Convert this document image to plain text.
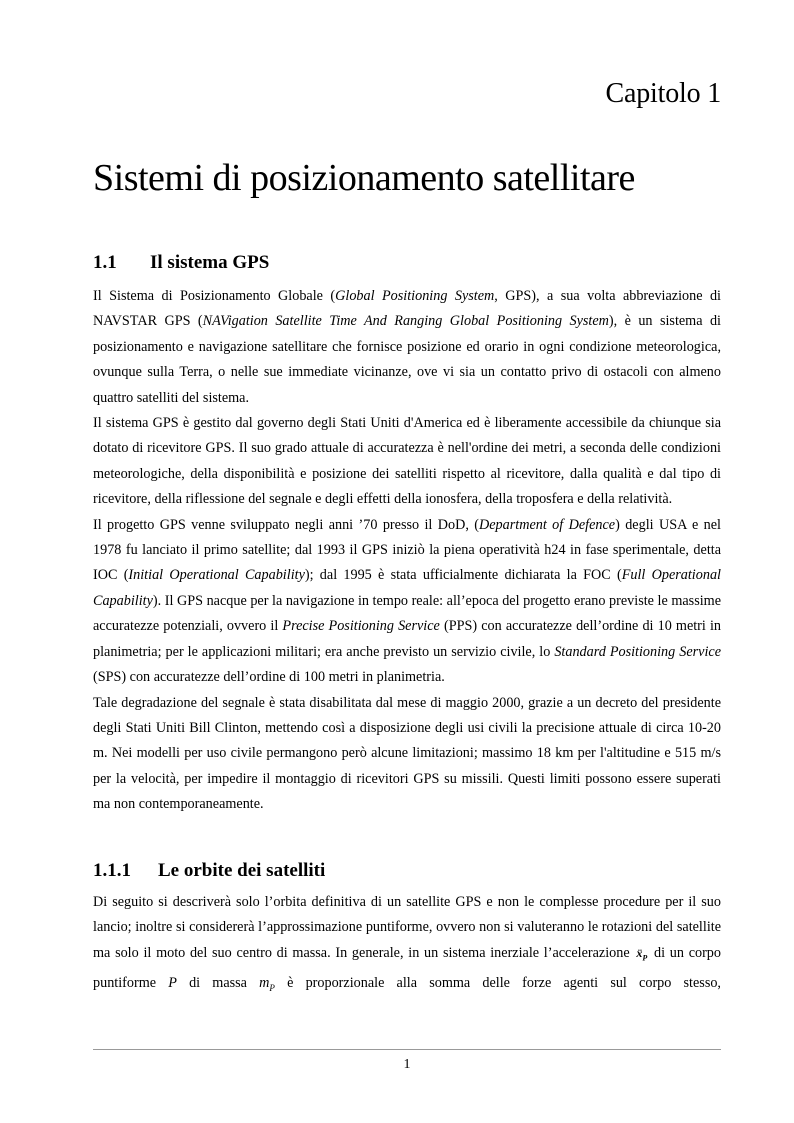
Capitolo 1
Sistemi di posizionamento satellitare
1.1 Il sistema GPS

Il Sistema di Posizionamento Globale (Global Positioning System, GPS), a sua volta abbreviazione di NAVSTAR GPS (NAVigation Satellite Time And Ranging Global Positioning System), è un sistema di posizionamento e navigazione satellitare che fornisce posizione ed orario in ogni condizione meteorologica, ovunque sulla Terra, o nelle sue immediate vicinanze, ove vi sia un contatto privo di ostacoli con almeno quattro satelliti del sistema.

Il sistema GPS è gestito dal governo degli Stati Uniti d'America ed è liberamente accessibile da chiunque sia dotato di ricevitore GPS. Il suo grado attuale di accuratezza è nell'ordine dei metri, a seconda delle condizioni meteorologiche, della disponibilità e posizione dei satelliti rispetto al ricevitore, dalla qualità e dal tipo di ricevitore, della riflessione del segnale e degli effetti della ionosfera, della troposfera e della relatività.

Il progetto GPS venne sviluppato negli anni ’70 presso il DoD, (Department of Defence) degli USA e nel 1978 fu lanciato il primo satellite; dal 1993 il GPS iniziò la piena operatività h24 in fase sperimentale, detta IOC (Initial Operational Capability); dal 1995 è stata ufficialmente dichiarata la FOC (Full Operational Capability). Il GPS nacque per la navigazione in tempo reale: all’epoca del progetto erano previste le massime accuratezze potenziali, ovvero il Precise Positioning Service (PPS) con accuratezze dell’ordine di 10 metri in planimetria; per le applicazioni militari; era anche previsto un servizio civile, lo Standard Positioning Service (SPS) con accuratezze dell’ordine di 100 metri in planimetria.

Tale degradazione del segnale è stata disabilitata dal mese di maggio 2000, grazie a un decreto del presidente degli Stati Uniti Bill Clinton, mettendo così a disposizione degli usi civili la precisione attuale di circa 10-20 m. Nei modelli per uso civile permangono però alcune limitazioni; massimo 18 km per l'altitudine e 515 m/s per la velocità, per impedire il montaggio di ricevitori GPS su missili. Questi limiti possono essere superati ma non contemporaneamente.

1.1.1 Le orbite dei satelliti

Di seguito si descriverà solo l’orbita definitiva di un satellite GPS e non le complesse procedure per il suo lancio; inoltre si considererà l’approssimazione puntiforme, ovvero non si valuteranno le rotazioni del satellite ma solo il moto del suo centro di massa. In generale, in un sistema inerziale l’accelerazione ẍ$_P$ di un corpo puntiforme P di massa $m_P$ è proporzionale alla somma delle forze agenti sul corpo stesso,

1
